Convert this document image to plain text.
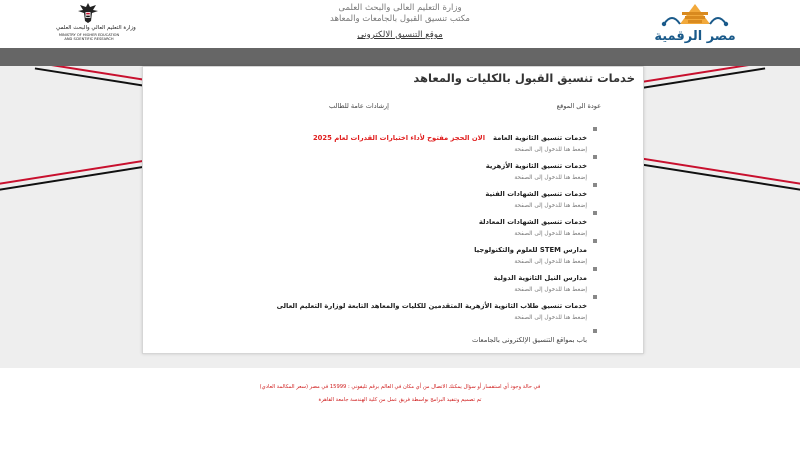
مصر الرقمية
وزارة التعليم العالي والبحث العلمي
MINISTRY OF HIGHER EDUCATION AND SCIENTIFIC RESEARCH
وزارة التعليم العالى والبحث العلمى
مكتب تنسيق القبول بالجامعات والمعاهد
موقع التنسيق الالكترونى
خدمات تنسيق القبول بالكليات والمعاهد
عودة الى الموقع
إرشادات عامة للطالب
خدمات تنسيق الثانوية العامةالان الحجز مفتوح لأداء اختبارات القدرات لعام 2025
إضغط هنا للدخول إلى الصفحة
خدمات تنسيق الثانوية الأزهرية
إضغط هنا للدخول إلى الصفحة
خدمات تنسيق الشهادات الفنية
إضغط هنا للدخول إلى الصفحة
خدمات تنسيق الشهادات المعادلة
إضغط هنا للدخول إلى الصفحة
مدارس STEM للعلوم والتكنولوجيا
إضغط هنا للدخول إلى الصفحة
مدارس النيل الثانوية الدولية
إضغط هنا للدخول إلى الصفحة
خدمات تنسيق طلاب الثانوية الأزهرية المتقدمين للكليات والمعاهد التابعة لوزارة التعليم العالى
إضغط هنا للدخول إلى الصفحة
باب بمواقع التنسيق الإلكترونى بالجامعات
في حالة وجود أي استفسار أو سؤال يمكنك الاتصال من أي مكان في العالم برقم تليفوني : 15999 في مصر (سعر المكالمة العادي)
تم تصميم وتنفيذ البرامج بواسطة فريق عمل من كلية الهندسة جامعة القاهرة
